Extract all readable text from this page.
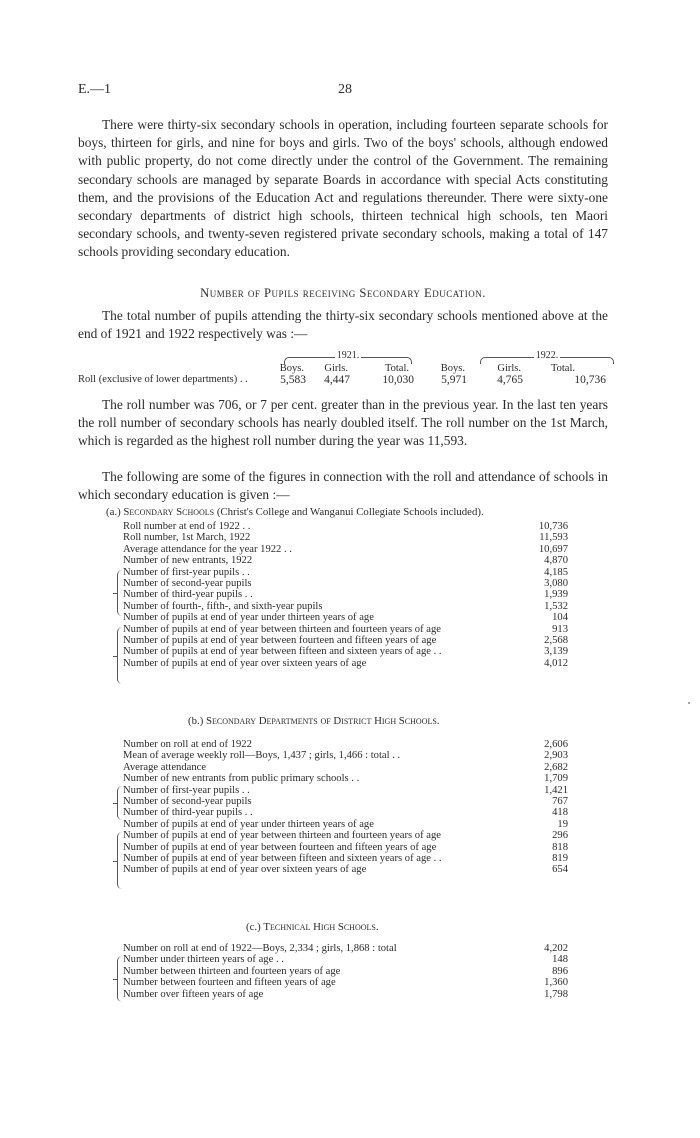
E.—1	28

There were thirty-six secondary schools in operation, including fourteen separate schools for boys, thirteen for girls, and nine for boys and girls. Two of the boys' schools, although endowed with public property, do not come directly under the control of the Government. The remaining secondary schools are managed by separate Boards in accordance with special Acts constituting them, and the provisions of the Education Act and regulations thereunder. There were sixty-one secondary departments of district high schools, thirteen technical high schools, ten Maori secondary schools, and twenty-seven registered private secondary schools, making a total of 147 schools providing secondary education.

Number of Pupils receiving Secondary Education.

The total number of pupils attending the thirty-six secondary schools mentioned above at the end of 1921 and 1922 respectively was :—

1921.	1922.
Boys. Girls.	Total.	Boys.	Girls.	Total.
Roll (exclusive of lower departments) . .	5,583 4,447	10,030 5,971	4,765	10,736

The roll number was 706, or 7 per cent. greater than in the previous year. In the last ten years the roll number of secondary schools has nearly doubled itself. The roll number on the 1st March, which is regarded as the highest roll number during the year was 11,593.

The following are some of the figures in connection with the roll and attendance of schools in which secondary education is given :—

(a.) Secondary Schools (Christ's College and Wanganui Collegiate Schools included).
Roll number at end of 1922 . .	10,736
Roll number, 1st March, 1922	11,593
Average attendance for the year 1922 . .	10,697
Number of new entrants, 1922	4,870
Number of first-year pupils . .	4,185
Number of second-year pupils	3,080
Number of third-year pupils . .	1,939
Number of fourth-, fifth-, and sixth-year pupils	1,532
Number of pupils at end of year under thirteen years of age	104
Number of pupils at end of year between thirteen and fourteen years of age	913
Number of pupils at end of year between fourteen and fifteen years of age	2,568
Number of pupils at end of year between fifteen and sixteen years of age . .	3,139
Number of pupils at end of year over sixteen years of age	4,012
(b.) Secondary Departments of District High Schools.
Number on roll at end of 1922	2,606
Mean of average weekly roll—Boys, 1,437 ; girls, 1,466 : total . .	2,903
Average attendance	2,682
Number of new entrants from public primary schools . .	1,709
Number of first-year pupils . .	1,421
Number of second-year pupils	767
Number of third-year pupils . .	418
Number of pupils at end of year under thirteen years of age	19
Number of pupils at end of year between thirteen and fourteen years of age	296
Number of pupils at end of year between fourteen and fifteen years of age	818
Number of pupils at end of year between fifteen and sixteen years of age . .	819
Number of pupils at end of year over sixteen years of age	654
(c.) Technical High Schools.
Number on roll at end of 1922—Boys, 2,334 ; girls, 1,868 : total	4,202
Number under thirteen years of age . .	148
Number between thirteen and fourteen years of age	896
Number between fourteen and fifteen years of age	1,360
Number over fifteen years of age	1,798
